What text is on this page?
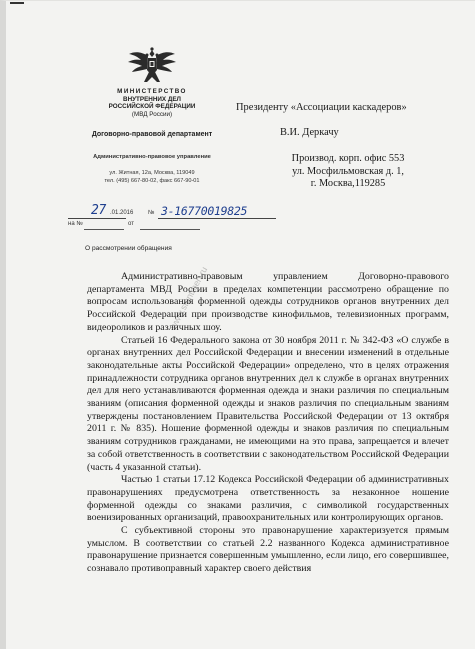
МИНИСТЕРСТВО
ВНУТРЕННИХ ДЕЛ
РОССИЙСКОЙ ФЕДЕРАЦИИ
(МВД России)
Договорно-правовой департамент
Административно-правовое управление
ул. Житная, 12а, Москва, 119049
тел. (495) 667-80-02, факс 667-90-01
Президенту «Ассоциации каскадеров»
В.И. Деркачу
Производ. корп. офис 553
ул. Мосфильмовская д. 1,
г. Москва,119285
27 .01.2016 № 3-16770019825
на №	от
О рассмотрении обращения
www.stuntmen.ru

Административно-правовым управлением Договорно-правового департамента МВД России в пределах компетенции рассмотрено обращение по вопросам использования форменной одежды сотрудников органов внутренних дел Российской Федерации при производстве кинофильмов, телевизионных программ, видеороликов и различных шоу.

Статьей 16 Федерального закона от 30 ноября 2011 г. № 342-ФЗ «О службе в органах внутренних дел Российской Федерации и внесении изменений в отдельные законодательные акты Российской Федерации» определено, что в целях отражения принадлежности сотрудника органов внутренних дел к службе в органах внутренних дел для него устанавливаются форменная одежда и знаки различия по специальным званиям (описания форменной одежды и знаков различия по специальным званиям утверждены постановлением Правительства Российской Федерации от 13 октября 2011 г. № 835). Ношение форменной одежды и знаков различия по специальным званиям сотрудников гражданами, не имеющими на это права, запрещается и влечет за собой ответственность в соответствии с законодательством Российской Федерации (часть 4 указанной статьи).

Частью 1 статьи 17.12 Кодекса Российской Федерации об административных правонарушениях предусмотрена ответственность за незаконное ношение форменной одежды со знаками различия, с символикой государственных военизированных организаций, правоохранительных или контролирующих органов.

С субъективной стороны это правонарушение характеризуется прямым умыслом. В соответствии со статьей 2.2 названного Кодекса административное правонарушение признается совершенным умышленно, если лицо, его совершившее, сознавало противоправный характер своего действия
